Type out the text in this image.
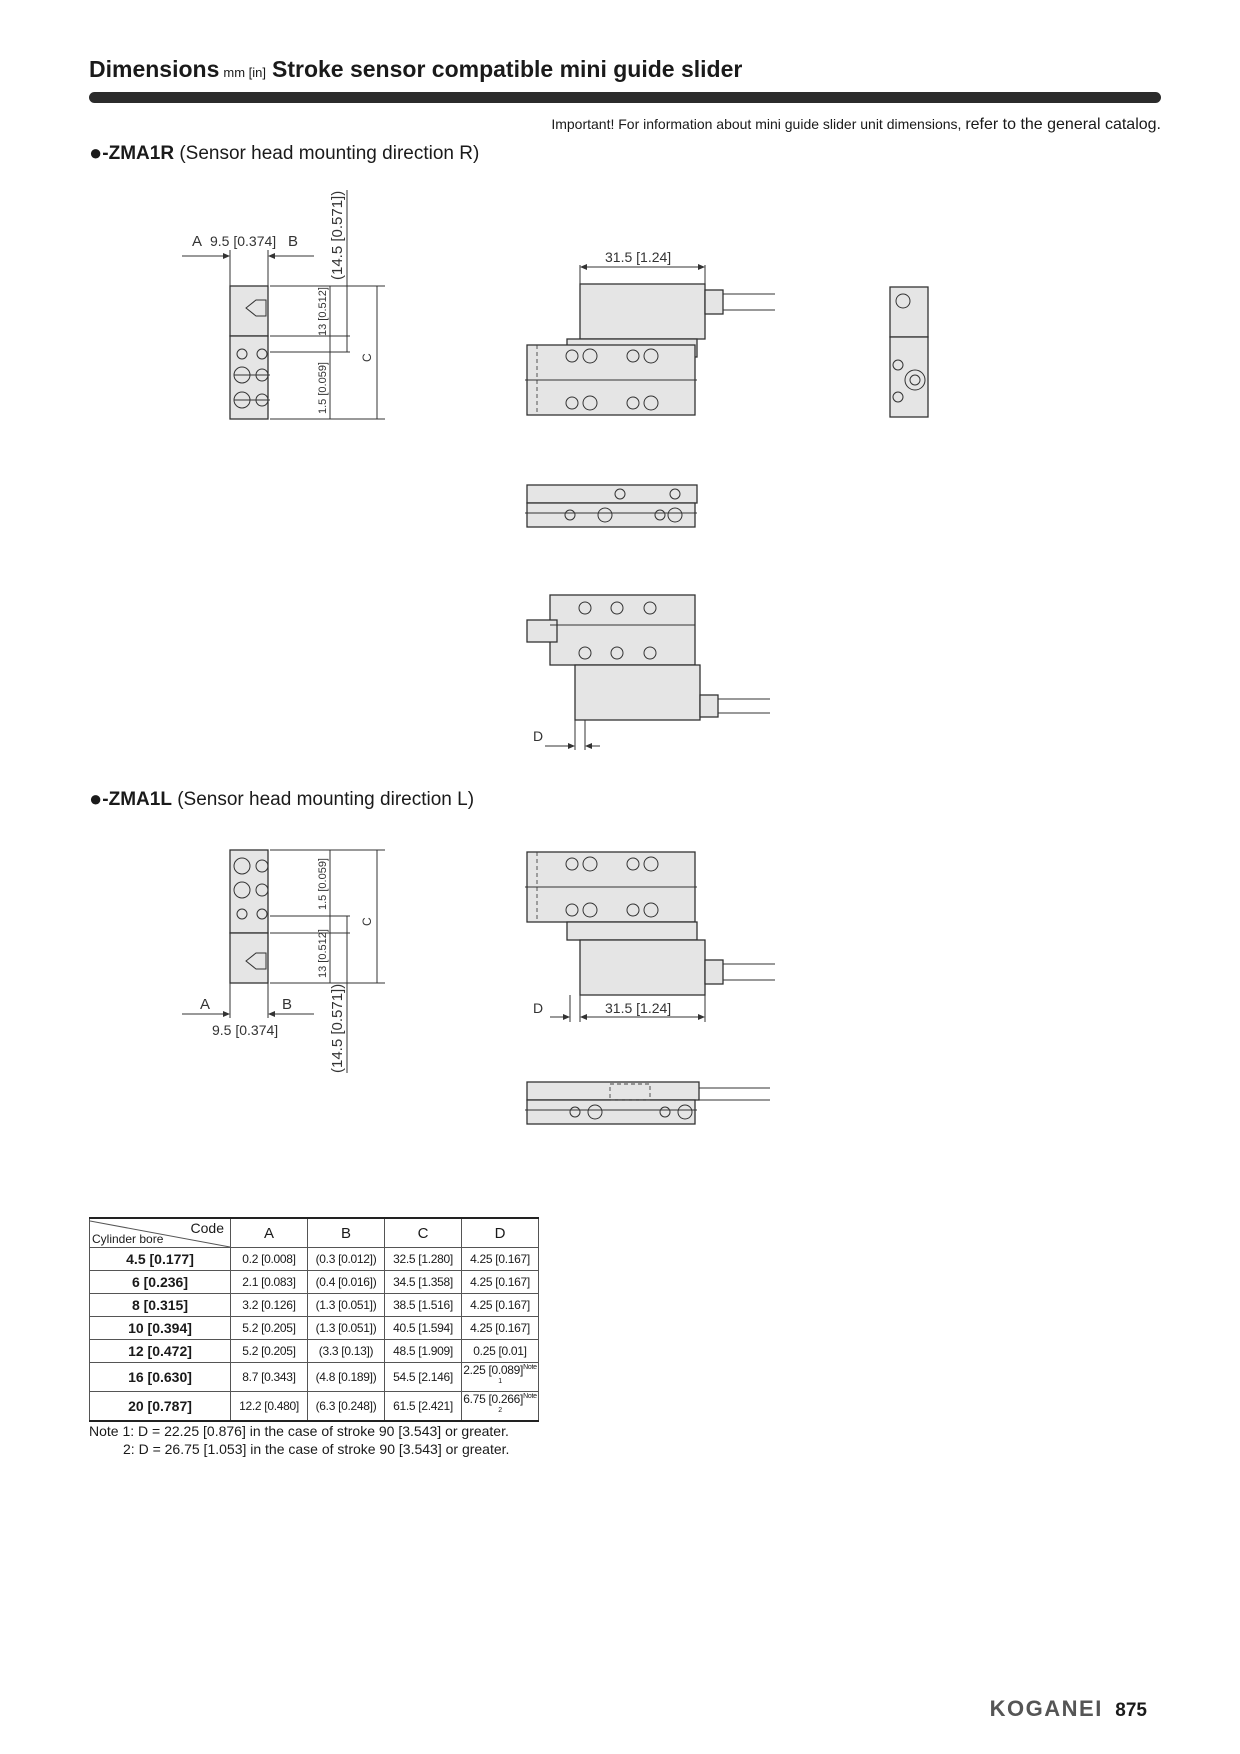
Dimensions mm [in] Stroke sensor compatible mini guide slider
Important! For information about mini guide slider unit dimensions, refer to the general catalog.
●-ZMA1R (Sensor head mounting direction R)
A 9.5 [0.374] B (14.5 [0.571])
13 [0.512]
1.5 [0.059]
C
31.5 [1.24]
D
●-ZMA1L (Sensor head mounting direction L)
1.5 [0.059]
13 [0.512]
(14.5 [0.571])
C
A	B
9.5 [0.374]
D	31.5 [1.24]
Code
Cylinder bore	A	B	C	D
4.5 [0.177]	0.2 [0.008]	(0.3 [0.012])	32.5 [1.280]	4.25 [0.167]
6 [0.236]	2.1 [0.083]	(0.4 [0.016])	34.5 [1.358]	4.25 [0.167]
8 [0.315]	3.2 [0.126]	(1.3 [0.051])	38.5 [1.516]	4.25 [0.167]
10 [0.394]	5.2 [0.205]	(1.3 [0.051])	40.5 [1.594]	4.25 [0.167]
12 [0.472]	5.2 [0.205]	(3.3 [0.13])	48.5 [1.909]	0.25 [0.01]
16 [0.630]	8.7 [0.343]	(4.8 [0.189])	54.5 [2.146]	2.25 $[0.089]^{Note 1}$
20 [0.787]	12.2 [0.480]	(6.3 [0.248])	61.5 [2.421]	6.75 $[0.266]^{Note 2}$
Note 1: D = 22.25 [0.876] in the case of stroke 90 [3.543] or greater.
2: D = 26.75 [1.053] in the case of stroke 90 [3.543] or greater.
KOGANEI 875
